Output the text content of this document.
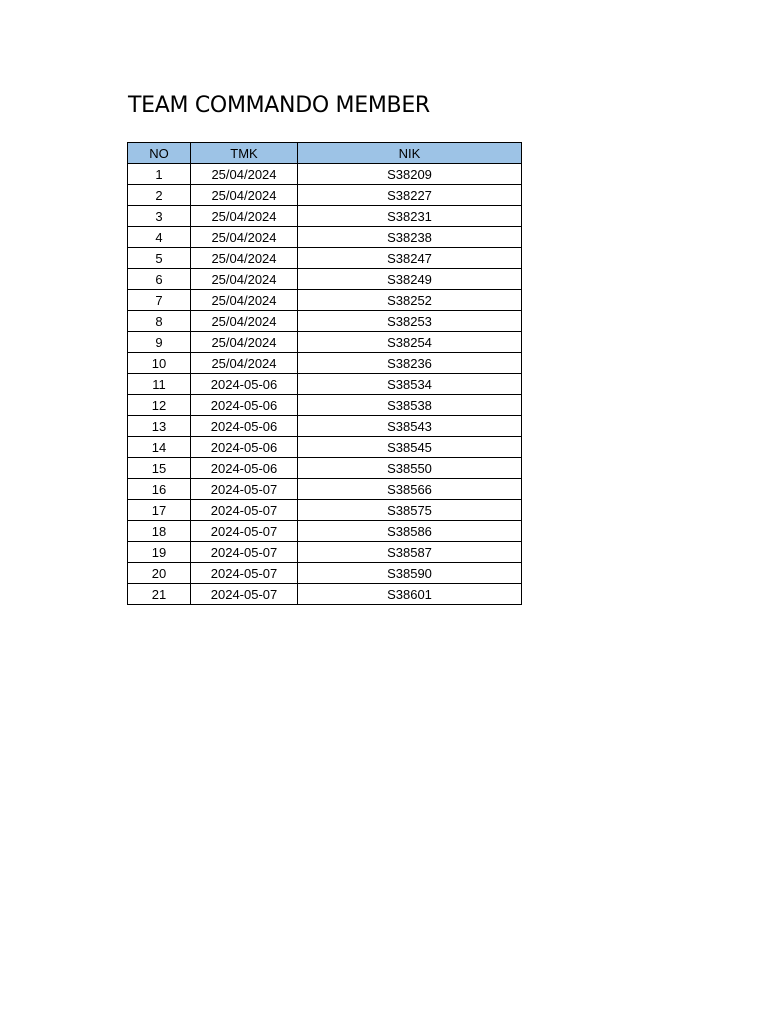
TEAM COMMANDO MEMBER
NO	TMK	NIK
1	25/04/2024	S38209
2	25/04/2024	S38227
3	25/04/2024	S38231
4	25/04/2024	S38238
5	25/04/2024	S38247
6	25/04/2024	S38249
7	25/04/2024	S38252
8	25/04/2024	S38253
9	25/04/2024	S38254
10	25/04/2024	S38236
11	2024-05-06	S38534
12	2024-05-06	S38538
13	2024-05-06	S38543
14	2024-05-06	S38545
15	2024-05-06	S38550
16	2024-05-07	S38566
17	2024-05-07	S38575
18	2024-05-07	S38586
19	2024-05-07	S38587
20	2024-05-07	S38590
21	2024-05-07	S38601
